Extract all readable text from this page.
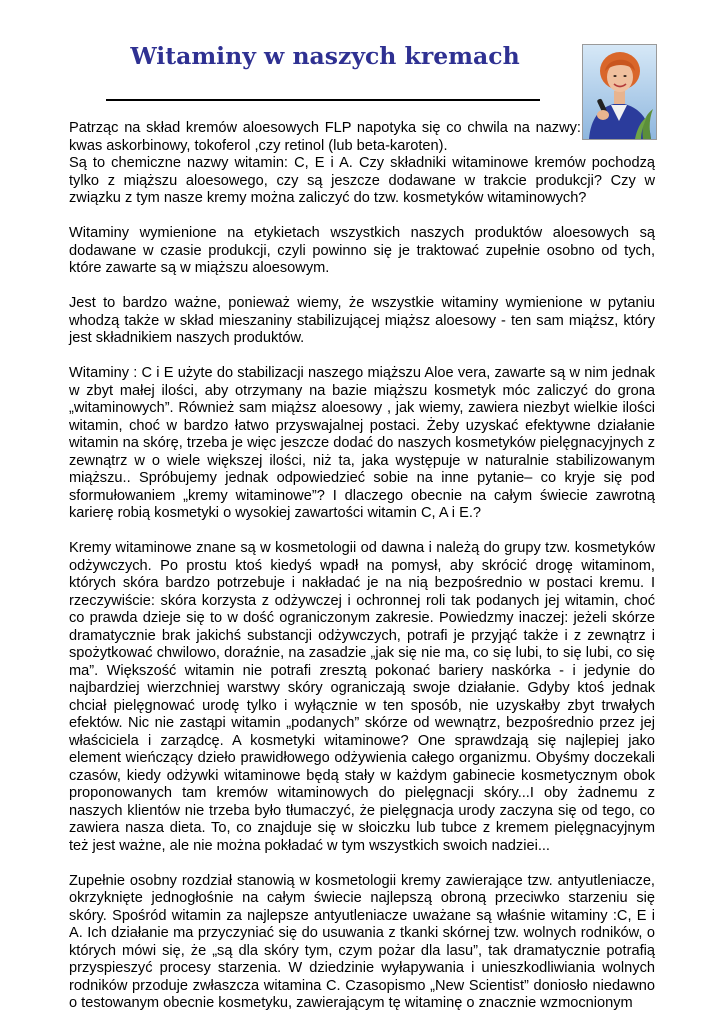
Witaminy w naszych kremach

Patrząc na skład kremów aloesowych FLP napotyka się co chwila na nazwy: kwas askorbinowy, tokoferol ,czy retinol (lub beta-karoten).

Są to chemiczne nazwy witamin: C, E i A. Czy składniki witaminowe kremów pochodzą tylko z miąższu aloesowego, czy są jeszcze dodawane w trakcie produkcji? Czy w związku z tym nasze kremy można zaliczyć do tzw. kosmetyków witaminowych?

Witaminy wymienione na etykietach wszystkich naszych produktów aloesowych są dodawane w czasie produkcji, czyli powinno się je traktować zupełnie osobno od tych, które zawarte są w miąższu aloesowym.

Jest to bardzo ważne, ponieważ wiemy, że wszystkie witaminy wymienione w pytaniu whodzą także w skład mieszaniny stabilizującej miąższ aloesowy - ten sam miąższ, który jest składnikiem naszych produktów.

Witaminy : C i E użyte do stabilizacji naszego miąższu Aloe vera, zawarte są w nim jednak w zbyt małej ilości, aby otrzymany na bazie miąższu kosmetyk móc zaliczyć do grona „witaminowych”. Również sam miąższ aloesowy , jak wiemy, zawiera niezbyt wielkie ilości witamin, choć w bardzo łatwo przyswajalnej postaci. Żeby uzyskać efektywne działanie witamin na skórę, trzeba je więc jeszcze dodać do naszych kosmetyków pielęgnacyjnych z zewnątrz w o wiele większej ilości, niż ta, jaka występuje w naturalnie stabilizowanym miąższu.. Spróbujemy jednak odpowiedzieć sobie na inne pytanie– co kryje się pod sformułowaniem „kremy witaminowe”? I dlaczego obecnie na całym świecie zawrotną karierę robią kosmetyki o wysokiej zawartości witamin C, A i E.?

Kremy witaminowe znane są w kosmetologii od dawna i należą do grupy tzw. kosmetyków odżywczych. Po prostu ktoś kiedyś wpadł na pomysł, aby skrócić drogę witaminom, których skóra bardzo potrzebuje i nakładać je na nią bezpośrednio w postaci kremu. I rzeczywiście: skóra korzysta z odżywczej i ochronnej roli tak podanych jej witamin, choć co prawda dzieje się to w dość ograniczonym zakresie. Powiedzmy inaczej: jeżeli skórze dramatycznie brak jakichś substancji odżywczych, potrafi je przyjąć także i z zewnątrz i spożytkować chwilowo, doraźnie, na zasadzie „jak się nie ma, co się lubi, to się lubi, co się ma”. Większość witamin nie potrafi zresztą pokonać bariery naskórka - i jedynie do najbardziej wierzchniej warstwy skóry ograniczają swoje działanie. Gdyby ktoś jednak chciał pielęgnować urodę tylko i wyłącznie w ten sposób, nie uzyskałby zbyt trwałych efektów. Nic nie zastąpi witamin „podanych” skórze od wewnątrz, bezpośrednio przez jej właściciela i zarządcę. A kosmetyki witaminowe? One sprawdzają się najlepiej jako element wieńczący dzieło prawidłowego odżywienia całego organizmu. Obyśmy doczekali czasów, kiedy odżywki witaminowe będą stały w każdym gabinecie kosmetycznym obok proponowanych tam kremów witaminowych do pielęgnacji skóry...I oby żadnemu z naszych klientów nie trzeba było tłumaczyć, że pielęgnacja urody zaczyna się od tego, co zawiera nasza dieta. To, co znajduje się w słoiczku lub tubce z kremem pielęgnacyjnym też jest ważne, ale nie można pokładać w tym wszystkich swoich nadziei...

Zupełnie osobny rozdział stanowią w kosmetologii kremy zawierające tzw. antyutleniacze, okrzyknięte jednogłośnie na całym świecie najlepszą obroną przeciwko starzeniu się skóry. Spośród witamin za najlepsze antyutleniacze uważane są właśnie witaminy :C, E i A. Ich działanie ma przyczyniać się do usuwania z tkanki skórnej tzw. wolnych rodników, o których mówi się, że „są dla skóry tym, czym pożar dla lasu”, tak dramatycznie potrafią przyspieszyć procesy starzenia. W dziedzinie wyłapywania i unieszkodliwiania wolnych rodników przoduje zwłaszcza witamina C. Czasopismo „New Scientist” doniosło niedawno o testowanym obecnie kosmetyku, zawierającym tę witaminę o znacznie wzmocnionym
